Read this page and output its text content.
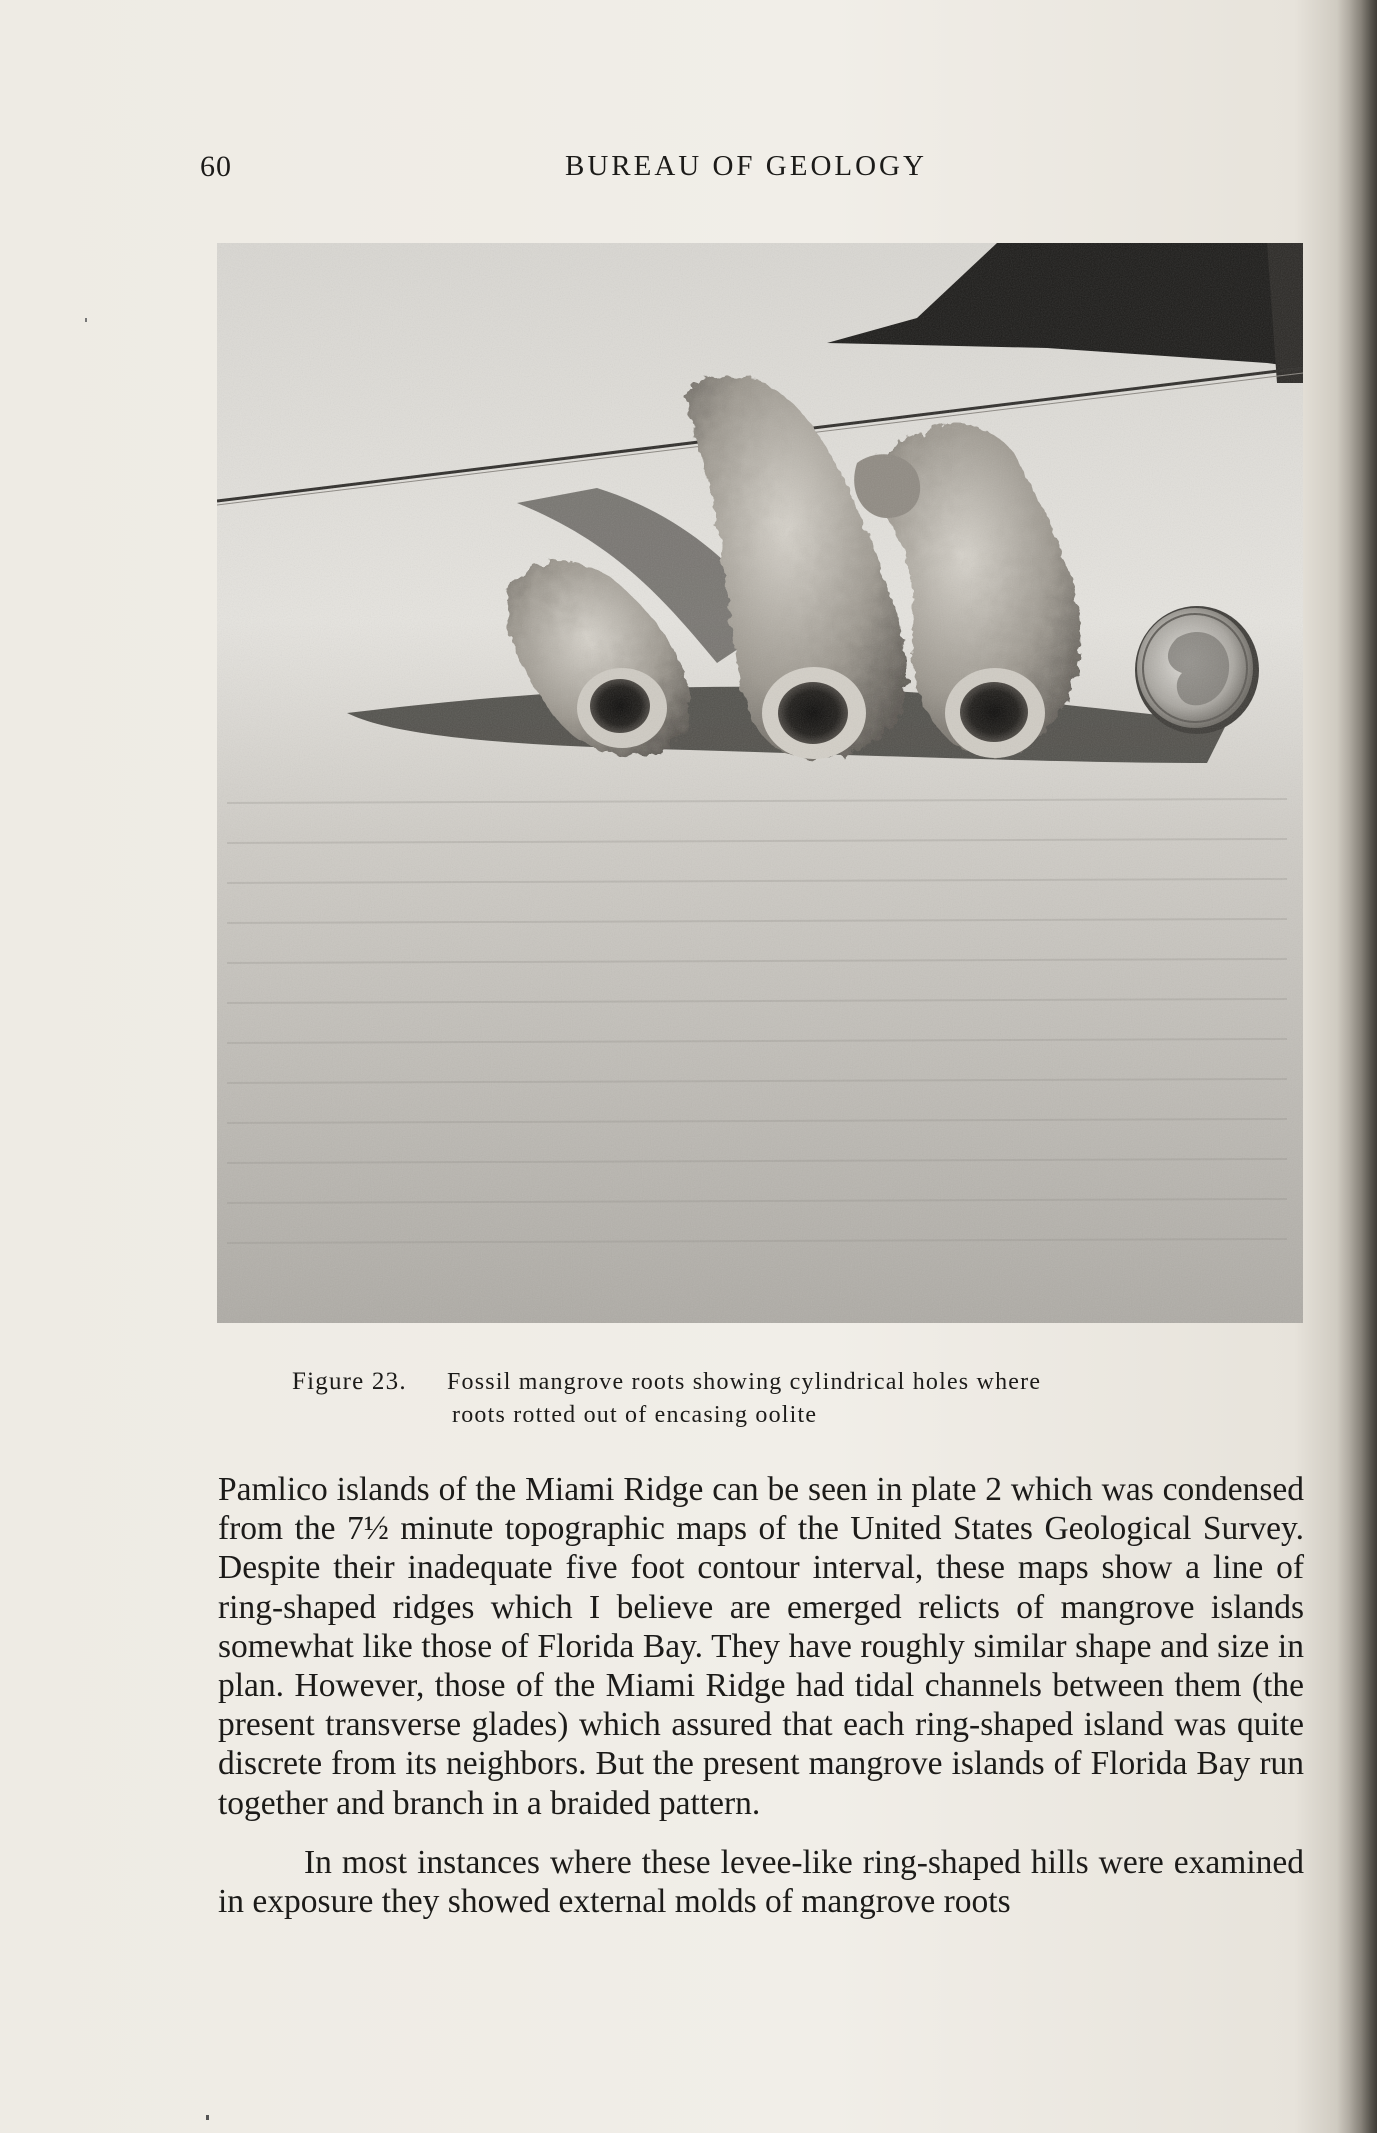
60	BUREAU OF GEOLOGY
Figure 23. Fossil mangrove roots showing cylindrical holes where
roots rotted out of encasing oolite

Pamlico islands of the Miami Ridge can be seen in plate 2 which was condensed from the 7½ minute topographic maps of the United States Geological Survey. Despite their inadequate five foot contour interval, these maps show a line of ring-shaped ridges which I believe are emerged relicts of mangrove islands somewhat like those of Florida Bay. They have roughly similar shape and size in plan. However, those of the Miami Ridge had tidal channels between them (the present transverse glades) which assured that each ring-shaped island was quite discrete from its neighbors. But the present mangrove islands of Florida Bay run together and branch in a braided pattern.

In most instances where these levee-like ring-shaped hills were examined in exposure they showed external molds of mangrove roots
